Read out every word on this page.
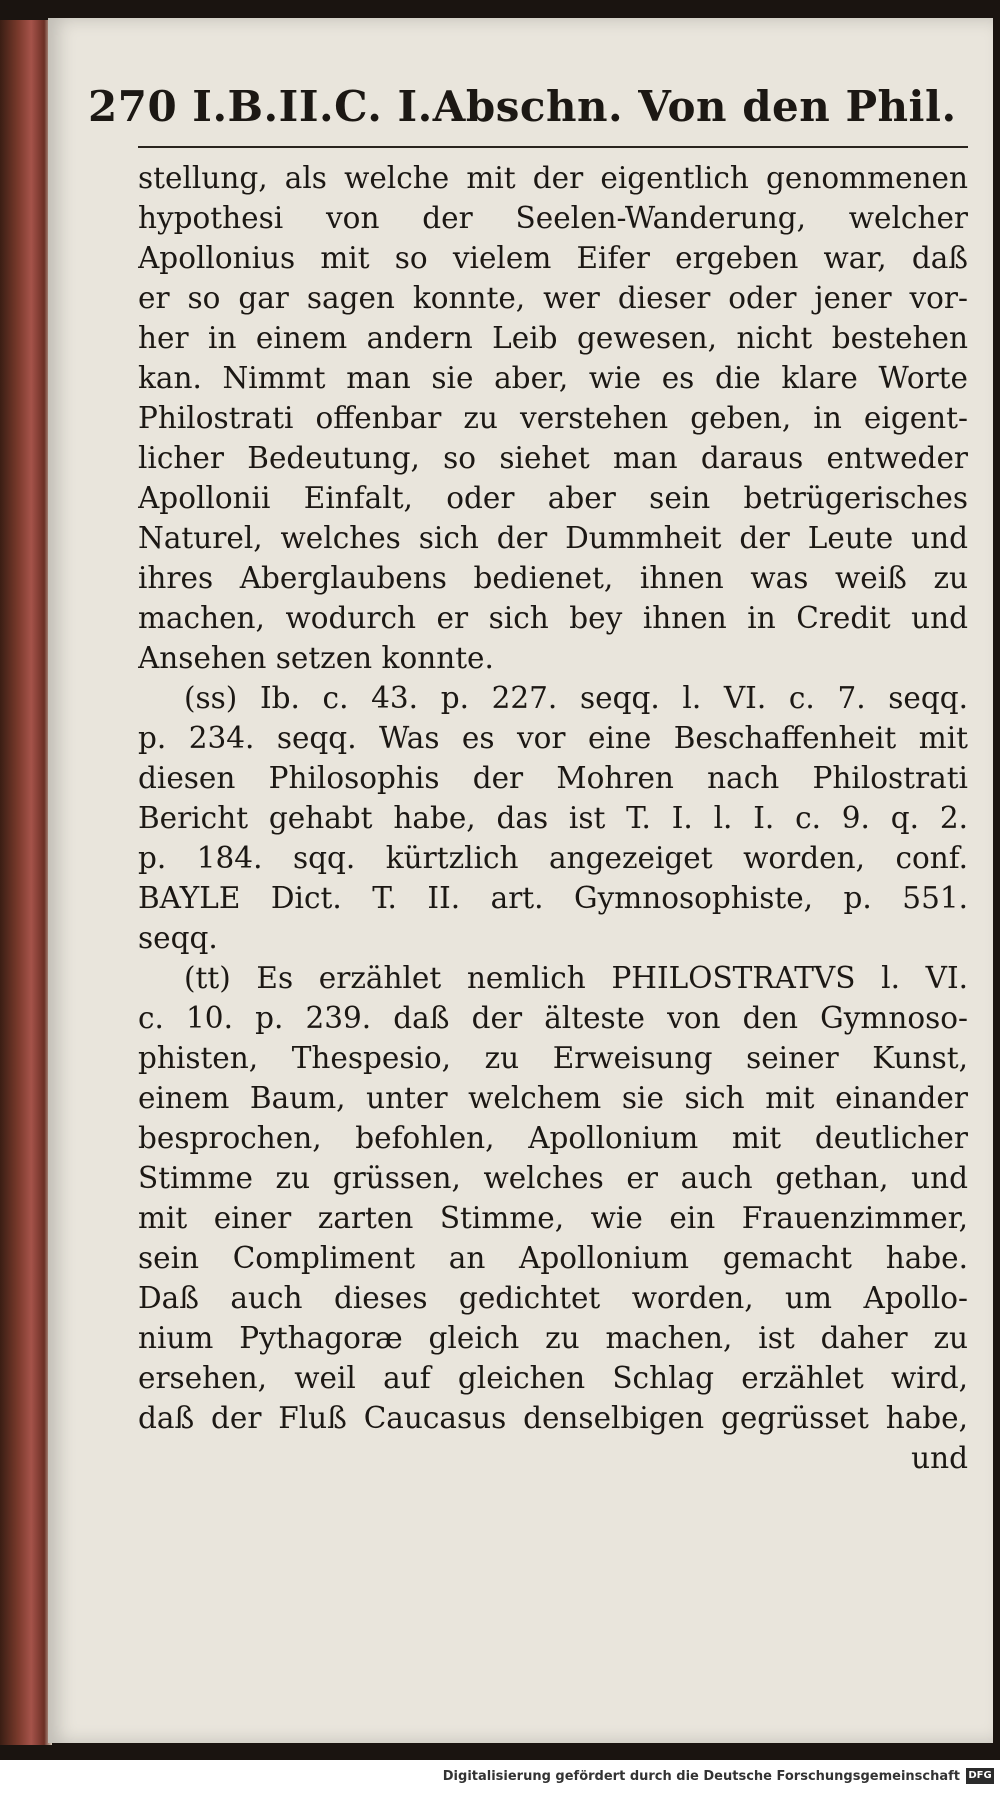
270 I.B.II.C. I.Abschn. Von den Phil.
stellung, als welche mit der eigentlich genommenen
hypothesi von der Seelen-Wanderung, welcher
Apollonius mit so vielem Eifer ergeben war, daß
er so gar sagen konnte, wer dieser oder jener vor-
her in einem andern Leib gewesen, nicht bestehen
kan. Nimmt man sie aber, wie es die klare Worte
Philostrati offenbar zu verstehen geben, in eigent-
licher Bedeutung, so siehet man daraus entweder
Apollonii Einfalt, oder aber sein betrügerisches
Naturel, welches sich der Dummheit der Leute und
ihres Aberglaubens bedienet, ihnen was weiß zu
machen, wodurch er sich bey ihnen in Credit und
Ansehen setzen konnte.
(ss) Ib. c. 43. p. 227. seqq. l. VI. c. 7. seqq.
p. 234. seqq. Was es vor eine Beschaffenheit mit
diesen Philosophis der Mohren nach Philostrati
Bericht gehabt habe, das ist T. I. l. I. c. 9. q. 2.
p. 184. sqq. kürtzlich angezeiget worden, conf.
BAYLE Dict. T. II. art. Gymnosophiste, p. 551.
seqq.
(tt) Es erzählet nemlich PHILOSTRATVS l. VI.
c. 10. p. 239. daß der älteste von den Gymnoso-
phisten, Thespesio, zu Erweisung seiner Kunst,
einem Baum, unter welchem sie sich mit einander
besprochen, befohlen, Apollonium mit deutlicher
Stimme zu grüssen, welches er auch gethan, und
mit einer zarten Stimme, wie ein Frauenzimmer,
sein Compliment an Apollonium gemacht habe.
Daß auch dieses gedichtet worden, um Apollo-
nium Pythagoræ gleich zu machen, ist daher zu
ersehen, weil auf gleichen Schlag erzählet wird,
daß der Fluß Caucasus denselbigen gegrüsset habe,
und
Digitalisierung gefördert durch die Deutsche Forschungsgemeinschaft DFG
